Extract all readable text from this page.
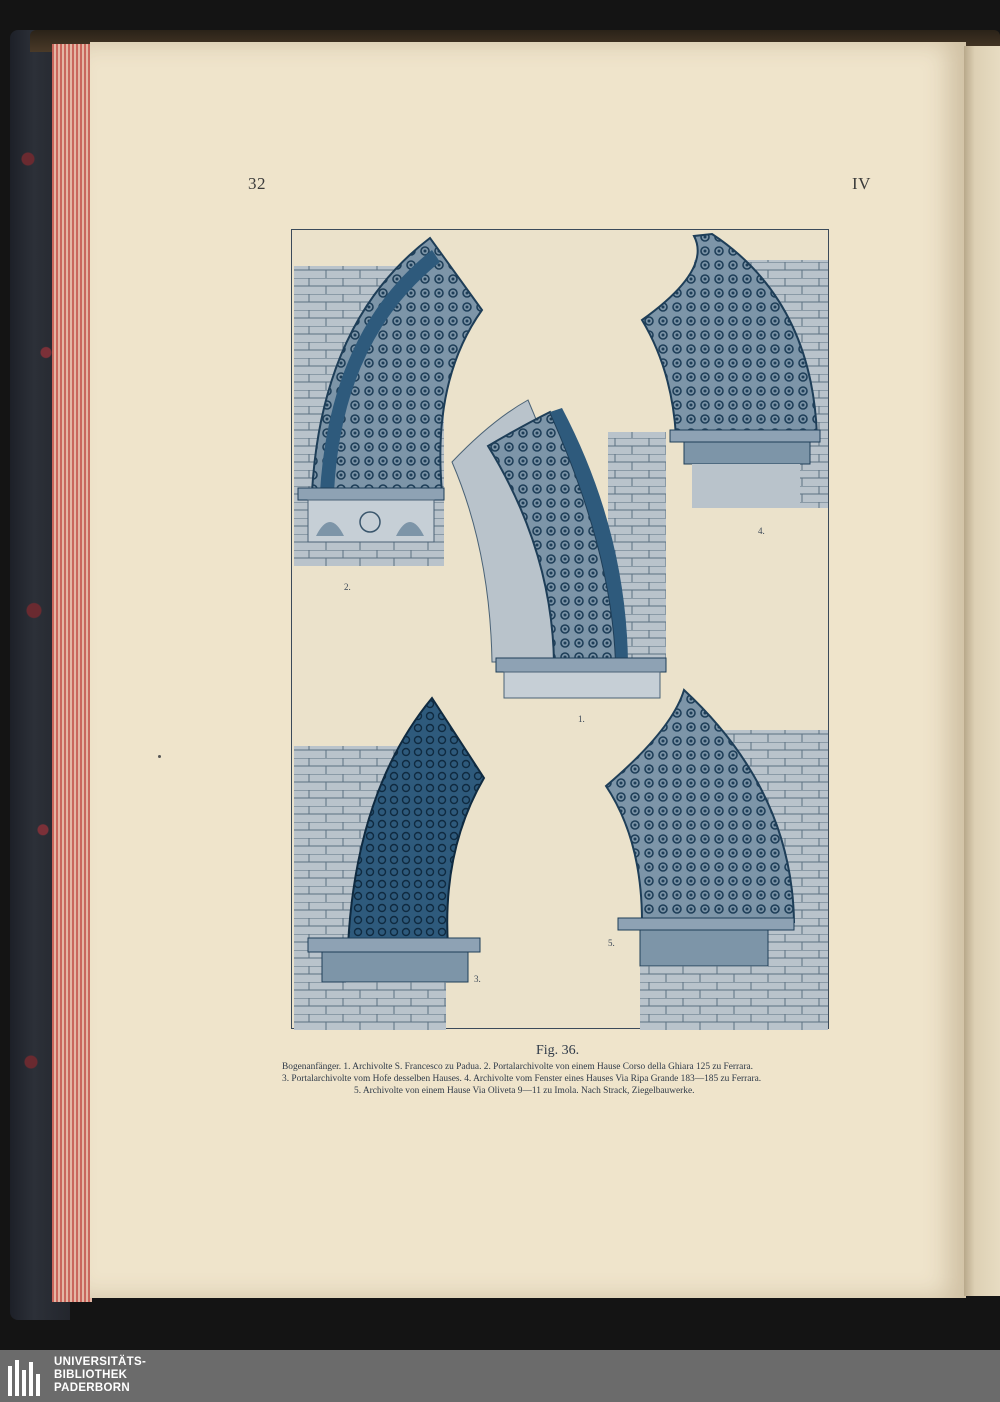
32	IV
2.
4.
1.
3.
5.
Fig. 36.
Bogenanfänger. 1. Archivolte S. Francesco zu Padua. 2. Portalarchivolte von einem Hause Corso della Ghiara 125 zu Ferrara.
3. Portalarchivolte vom Hofe desselben Hauses. 4. Archivolte vom Fenster eines Hauses Via Ripa Grande 183—185 zu Ferrara.
5. Archivolte von einem Hause Via Oliveta 9—11 zu Imola. Nach Strack, Ziegelbauwerke.
UNIVERSITÄTS-
BIBLIOTHEK
PADERBORN
